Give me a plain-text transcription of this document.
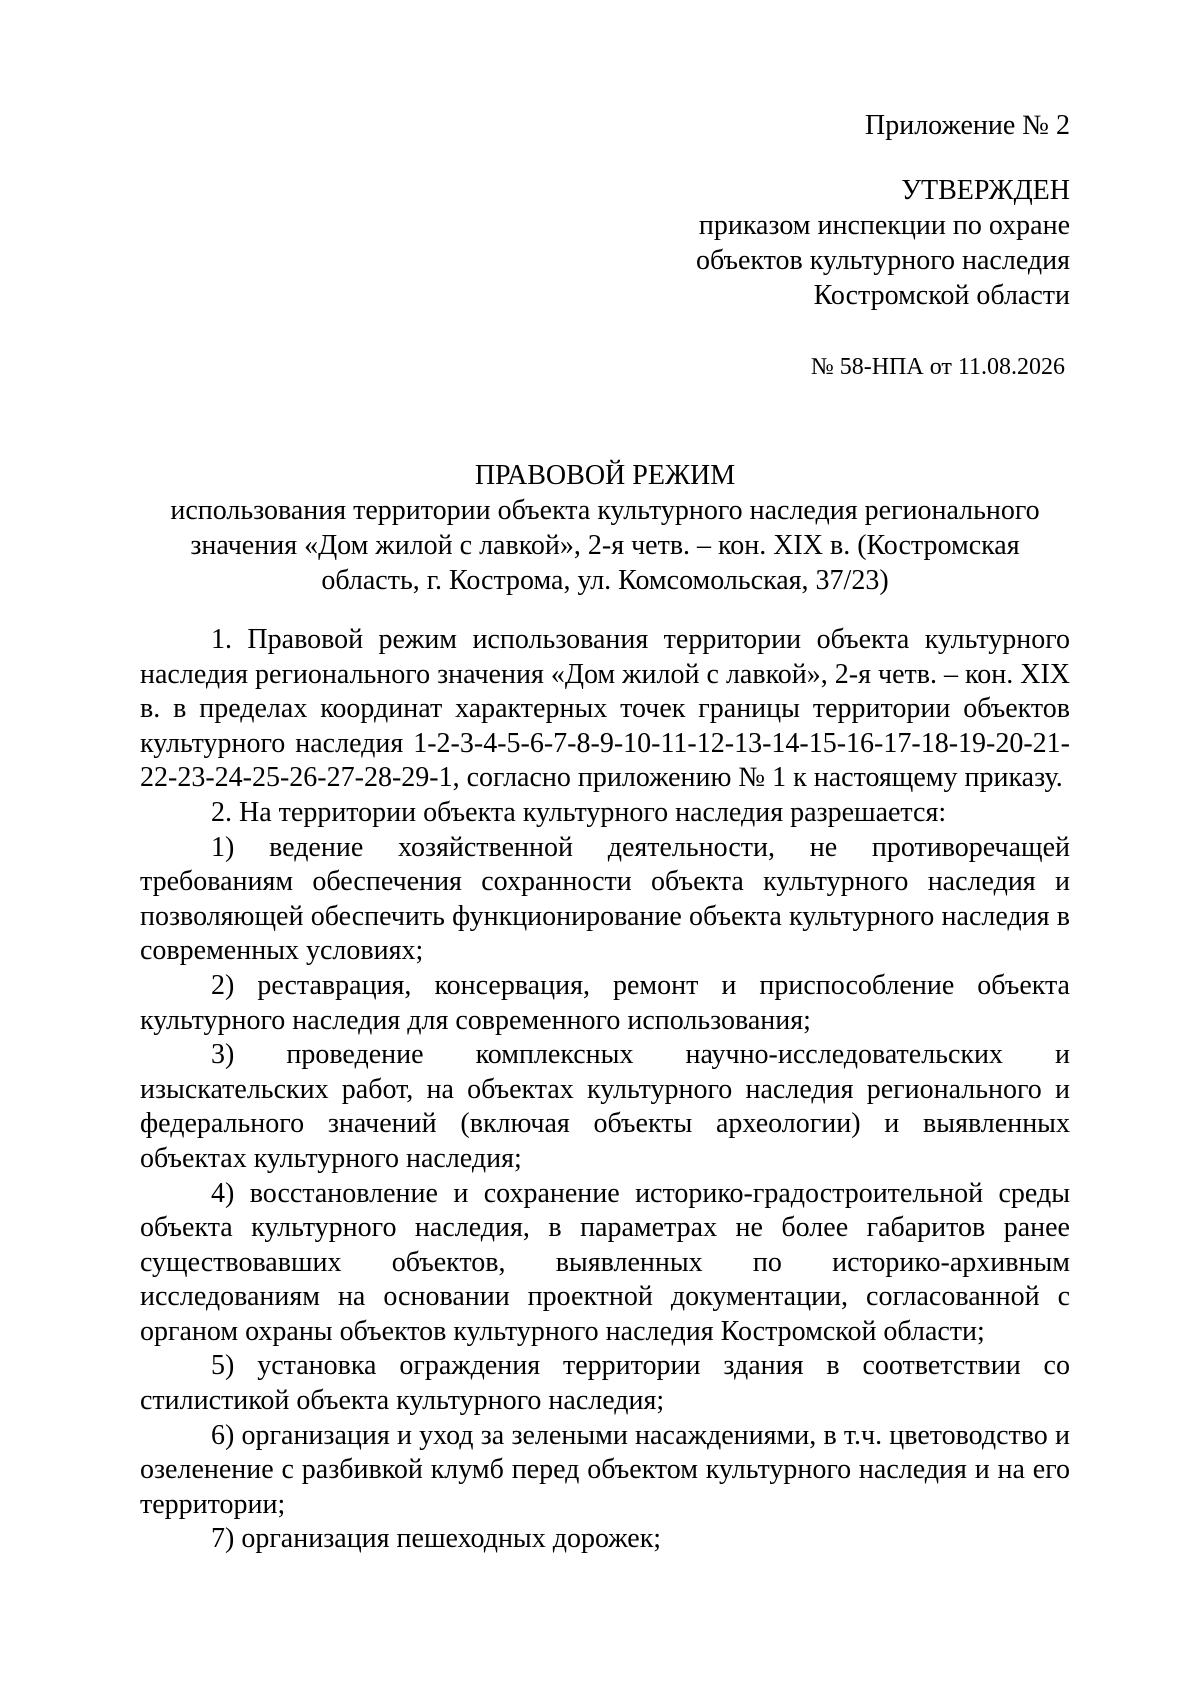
Приложение № 2
УТВЕРЖДЕН
приказом инспекции по охране
объектов культурного наследия
Костромской области
№ 58-НПА от 11.08.2026
ПРАВОВОЙ РЕЖИМ
использования территории объекта культурного наследия регионального
значения «Дом жилой с лавкой», 2-я четв. – кон. XIX в. (Костромская
область, г. Кострома, ул. Комсомольская, 37/23)

1. Правовой режим использования территории объекта культурного наследия регионального значения «Дом жилой с лавкой», 2-я четв. – кон. XIX в. в пределах координат характерных точек границы территории объектов культурного наследия 1-2-3-4-5-6-7-8-9-10-11-12-13-14-15-16-17-18-19-20-21-22-23-24-25-26-27-28-29-1, согласно приложению № 1 к настоящему приказу.

2. На территории объекта культурного наследия разрешается:

1) ведение хозяйственной деятельности, не противоречащей требованиям обеспечения сохранности объекта культурного наследия и позволяющей обеспечить функционирование объекта культурного наследия в современных условиях;

2) реставрация, консервация, ремонт и приспособление объекта культурного наследия для современного использования;

3) проведение комплексных научно-исследовательских и изыскательских работ, на объектах культурного наследия регионального и федерального значений (включая объекты археологии) и выявленных объектах культурного наследия;

4) восстановление и сохранение историко-градостроительной среды объекта культурного наследия, в параметрах не более габаритов ранее существовавших объектов, выявленных по историко-архивным исследованиям на основании проектной документации, согласованной с органом охраны объектов культурного наследия Костромской области;

5) установка ограждения территории здания в соответствии со стилистикой объекта культурного наследия;

6) организация и уход за зелеными насаждениями, в т.ч. цветоводство и озеленение с разбивкой клумб перед объектом культурного наследия и на его территории;

7) организация пешеходных дорожек;
